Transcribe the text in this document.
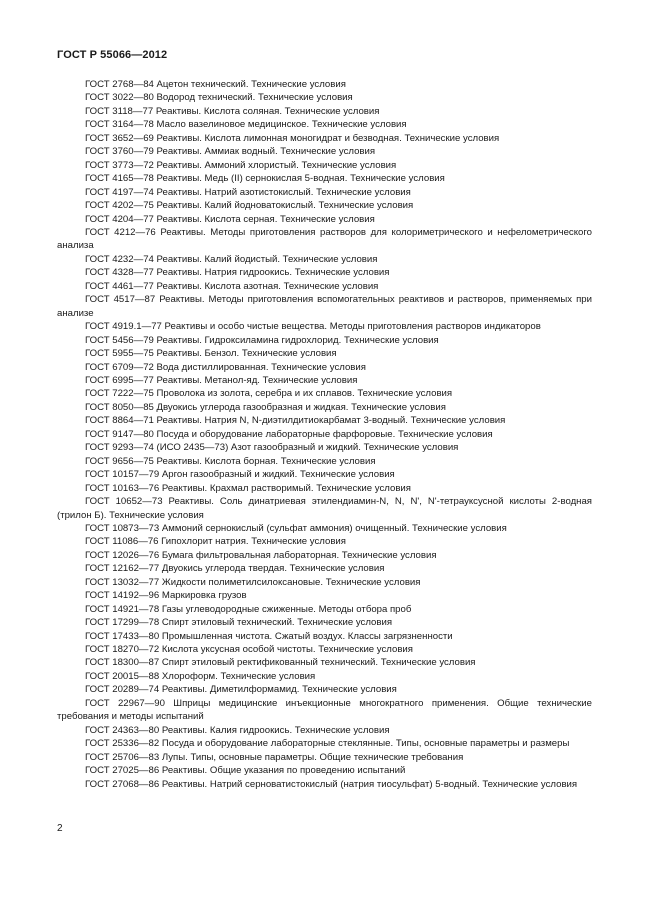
ГОСТ Р 55066—2012
ГОСТ 2768—84 Ацетон технический. Технические условия
ГОСТ 3022—80 Водород технический. Технические условия
ГОСТ 3118—77 Реактивы. Кислота соляная. Технические условия
ГОСТ 3164—78 Масло вазелиновое медицинское. Технические условия
ГОСТ 3652—69 Реактивы. Кислота лимонная моногидрат и безводная. Технические условия
ГОСТ 3760—79 Реактивы. Аммиак водный. Технические условия
ГОСТ 3773—72 Реактивы. Аммоний хлористый. Технические условия
ГОСТ 4165—78 Реактивы. Медь (II) сернокислая 5-водная. Технические условия
ГОСТ 4197—74 Реактивы. Натрий азотистокислый. Технические условия
ГОСТ 4202—75 Реактивы. Калий йодноватокислый. Технические условия
ГОСТ 4204—77 Реактивы. Кислота серная. Технические условия
ГОСТ 4212—76 Реактивы. Методы приготовления растворов для колориметрического и нефелометрического анализа
ГОСТ 4232—74 Реактивы. Калий йодистый. Технические условия
ГОСТ 4328—77 Реактивы. Натрия гидроокись. Технические условия
ГОСТ 4461—77 Реактивы. Кислота азотная. Технические условия
ГОСТ 4517—87 Реактивы. Методы приготовления вспомогательных реактивов и растворов, применяемых при анализе
ГОСТ 4919.1—77 Реактивы и особо чистые вещества. Методы приготовления растворов индикаторов
ГОСТ 5456—79 Реактивы. Гидроксиламина гидрохлорид. Технические условия
ГОСТ 5955—75 Реактивы. Бензол. Технические условия
ГОСТ 6709—72 Вода дистиллированная. Технические условия
ГОСТ 6995—77 Реактивы. Метанол-яд. Технические условия
ГОСТ 7222—75 Проволока из золота, серебра и их сплавов. Технические условия
ГОСТ 8050—85 Двуокись углерода газообразная и жидкая. Технические условия
ГОСТ 8864—71 Реактивы. Натрия N, N-диэтилдитиокарбамат 3-водный. Технические условия
ГОСТ 9147—80 Посуда и оборудование лабораторные фарфоровые. Технические условия
ГОСТ 9293—74 (ИСО 2435—73) Азот газообразный и жидкий. Технические условия
ГОСТ 9656—75 Реактивы. Кислота борная. Технические условия
ГОСТ 10157—79 Аргон газообразный и жидкий. Технические условия
ГОСТ 10163—76 Реактивы. Крахмал растворимый. Технические условия
ГОСТ 10652—73 Реактивы. Соль динатриевая этилендиамин-N, N, N', N'-тетрауксусной кислоты 2-водная (трилон Б). Технические условия
ГОСТ 10873—73 Аммоний сернокислый (сульфат аммония) очищенный. Технические условия
ГОСТ 11086—76 Гипохлорит натрия. Технические условия
ГОСТ 12026—76 Бумага фильтровальная лабораторная. Технические условия
ГОСТ 12162—77 Двуокись углерода твердая. Технические условия
ГОСТ 13032—77 Жидкости полиметилсилоксановые. Технические условия
ГОСТ 14192—96 Маркировка грузов
ГОСТ 14921—78 Газы углеводородные сжиженные. Методы отбора проб
ГОСТ 17299—78 Спирт этиловый технический. Технические условия
ГОСТ 17433—80 Промышленная чистота. Сжатый воздух. Классы загрязненности
ГОСТ 18270—72 Кислота уксусная особой чистоты. Технические условия
ГОСТ 18300—87 Спирт этиловый ректификованный технический. Технические условия
ГОСТ 20015—88 Хлороформ. Технические условия
ГОСТ 20289—74 Реактивы. Диметилформамид. Технические условия
ГОСТ 22967—90 Шприцы медицинские инъекционные многократного применения. Общие технические требования и методы испытаний
ГОСТ 24363—80 Реактивы. Калия гидроокись. Технические условия
ГОСТ 25336—82 Посуда и оборудование лабораторные стеклянные. Типы, основные параметры и размеры
ГОСТ 25706—83 Лупы. Типы, основные параметры. Общие технические требования
ГОСТ 27025—86 Реактивы. Общие указания по проведению испытаний
ГОСТ 27068—86 Реактивы. Натрий серноватистокислый (натрия тиосульфат) 5-водный. Технические условия
2
